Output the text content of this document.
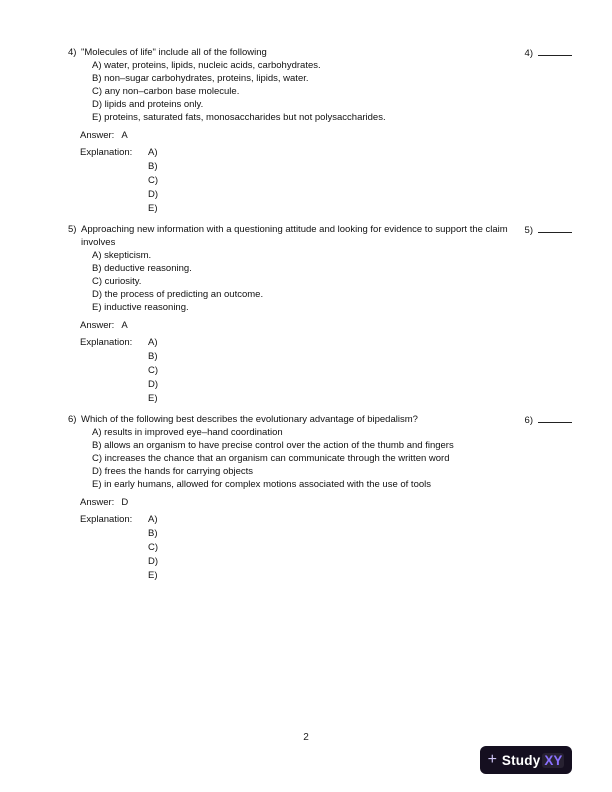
4) "Molecules of life" include all of the following	4)
A) water, proteins, lipids, nucleic acids, carbohydrates.
B) non–sugar carbohydrates, proteins, lipids, water.
C) any non–carbon base molecule.
D) lipids and proteins only.
E) proteins, saturated fats, monosaccharides but not polysaccharides.
Answer: A
Explanation:	A)
B)
C)
D)
E)
5) Approaching new information with a questioning attitude and looking for evidence to support the claim involves
5)
A) skepticism.
B) deductive reasoning.
C) curiosity.
D) the process of predicting an outcome.
E) inductive reasoning.
Answer: A
Explanation:	A)
B)
C)
D)
E)
6) Which of the following best describes the evolutionary advantage of bipedalism?	6)
A) results in improved eye–hand coordination
B) allows an organism to have precise control over the action of the thumb and fingers
C) increases the chance that an organism can communicate through the written word
D) frees the hands for carrying objects
E) in early humans, allowed for complex motions associated with the use of tools
Answer: D
Explanation:	A)
B)
C)
D)
E)
2
+ Study XY
